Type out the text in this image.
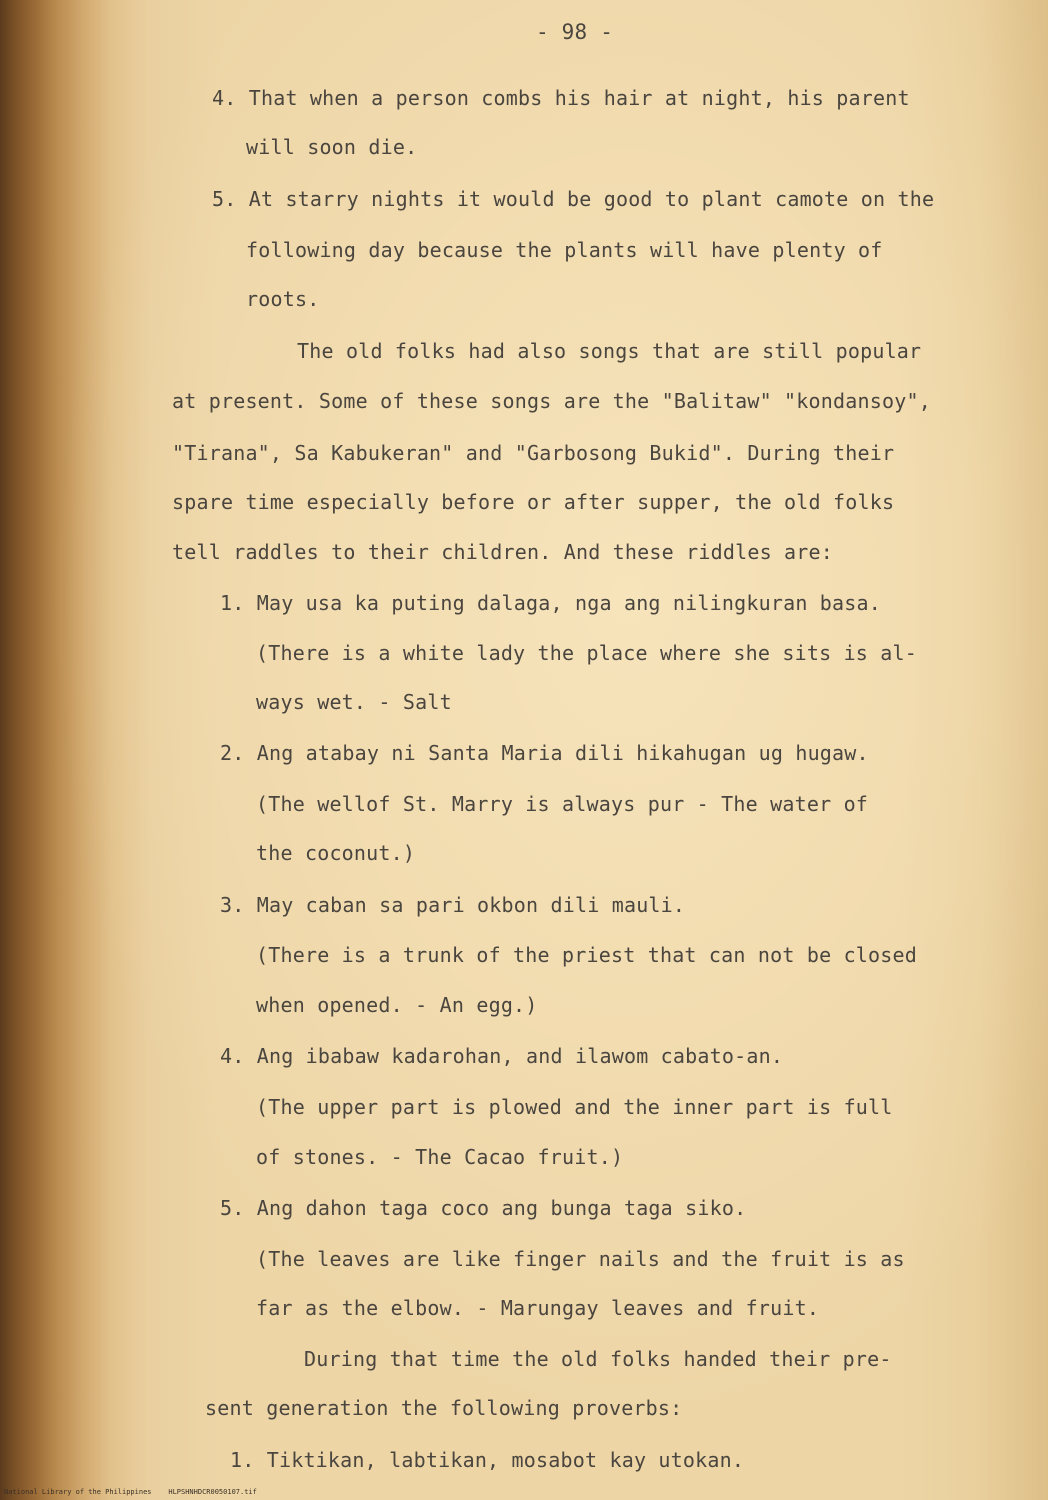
- 98 -
4. That when a person combs his hair at night, his parent
will soon die.
5. At starry nights it would be good to plant camote on the
following day because the plants will have plenty of
roots.
The old folks had also songs that are still popular
at present. Some of these songs are the "Balitaw" "kondansoy",
"Tirana", Sa Kabukeran" and "Garbosong Bukid". During their
spare time especially before or after supper, the old folks
tell raddles to their children. And these riddles are:
1. May usa ka puting dalaga, nga ang nilingkuran basa.
(There is a white lady the place where she sits is al-
ways wet. - Salt
2. Ang atabay ni Santa Maria dili hikahugan ug hugaw.
(The wellof St. Marry is always pur - The water of
the coconut.)
3. May caban sa pari okbon dili mauli.
(There is a trunk of the priest that can not be closed
when opened. - An egg.)
4. Ang ibabaw kadarohan, and ilawom cabato-an.
(The upper part is plowed and the inner part is full
of stones. - The Cacao fruit.)
5. Ang dahon taga coco ang bunga taga siko.
(The leaves are like finger nails and the fruit is as
far as the elbow. - Marungay leaves and fruit.
During that time the old folks handed their pre-
sent generation the following proverbs:
1. Tiktikan, labtikan, mosabot kay utokan.
National Library of the Philippines    HLPSHNHDCR0050107.tif
